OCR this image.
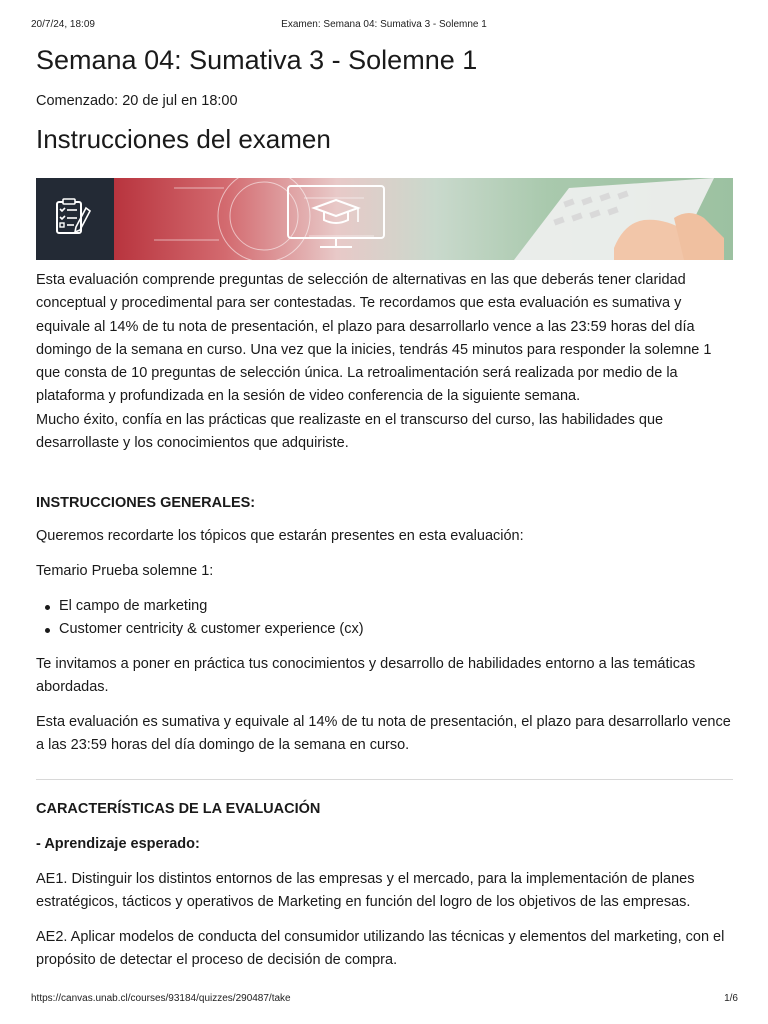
20/7/24, 18:09	Examen: Semana 04: Sumativa 3 - Solemne 1
Semana 04: Sumativa 3 - Solemne 1
Comenzado: 20 de jul en 18:00
Instrucciones del examen
Esta evaluación comprende preguntas de selección de alternativas en las que deberás tener claridad conceptual y procedimental para ser contestadas. Te recordamos que esta evaluación es sumativa y equivale al 14% de tu nota de presentación, el plazo para desarrollarlo vence a las 23:59 horas del día domingo de la semana en curso. Una vez que la inicies, tendrás 45 minutos para responder la solemne 1 que consta de 10 preguntas de selección única. La retroalimentación será realizada por medio de la plataforma y profundizada en la sesión de video conferencia de la siguiente semana.
Mucho éxito, confía en las prácticas que realizaste en el transcurso del curso, las habilidades que desarrollaste y los conocimientos que adquiriste.
INSTRUCCIONES GENERALES:
Queremos recordarte los tópicos que estarán presentes en esta evaluación:
Temario Prueba solemne 1:
El campo de marketing
Customer centricity & customer experience (cx)
Te invitamos a poner en práctica tus conocimientos y desarrollo de habilidades entorno a las temáticas abordadas.
Esta evaluación es sumativa y equivale al 14% de tu nota de presentación, el plazo para desarrollarlo vence a las 23:59 horas del día domingo de la semana en curso.
CARACTERÍSTICAS DE LA EVALUACIÓN
- Aprendizaje esperado:
AE1. Distinguir los distintos entornos de las empresas y el mercado, para la implementación de planes estratégicos, tácticos y operativos de Marketing en función del logro de los objetivos de las empresas.
AE2. Aplicar modelos de conducta del consumidor utilizando las técnicas y elementos del marketing, con el propósito de detectar el proceso de decisión de compra.
https://canvas.unab.cl/courses/93184/quizzes/290487/take	1/6
